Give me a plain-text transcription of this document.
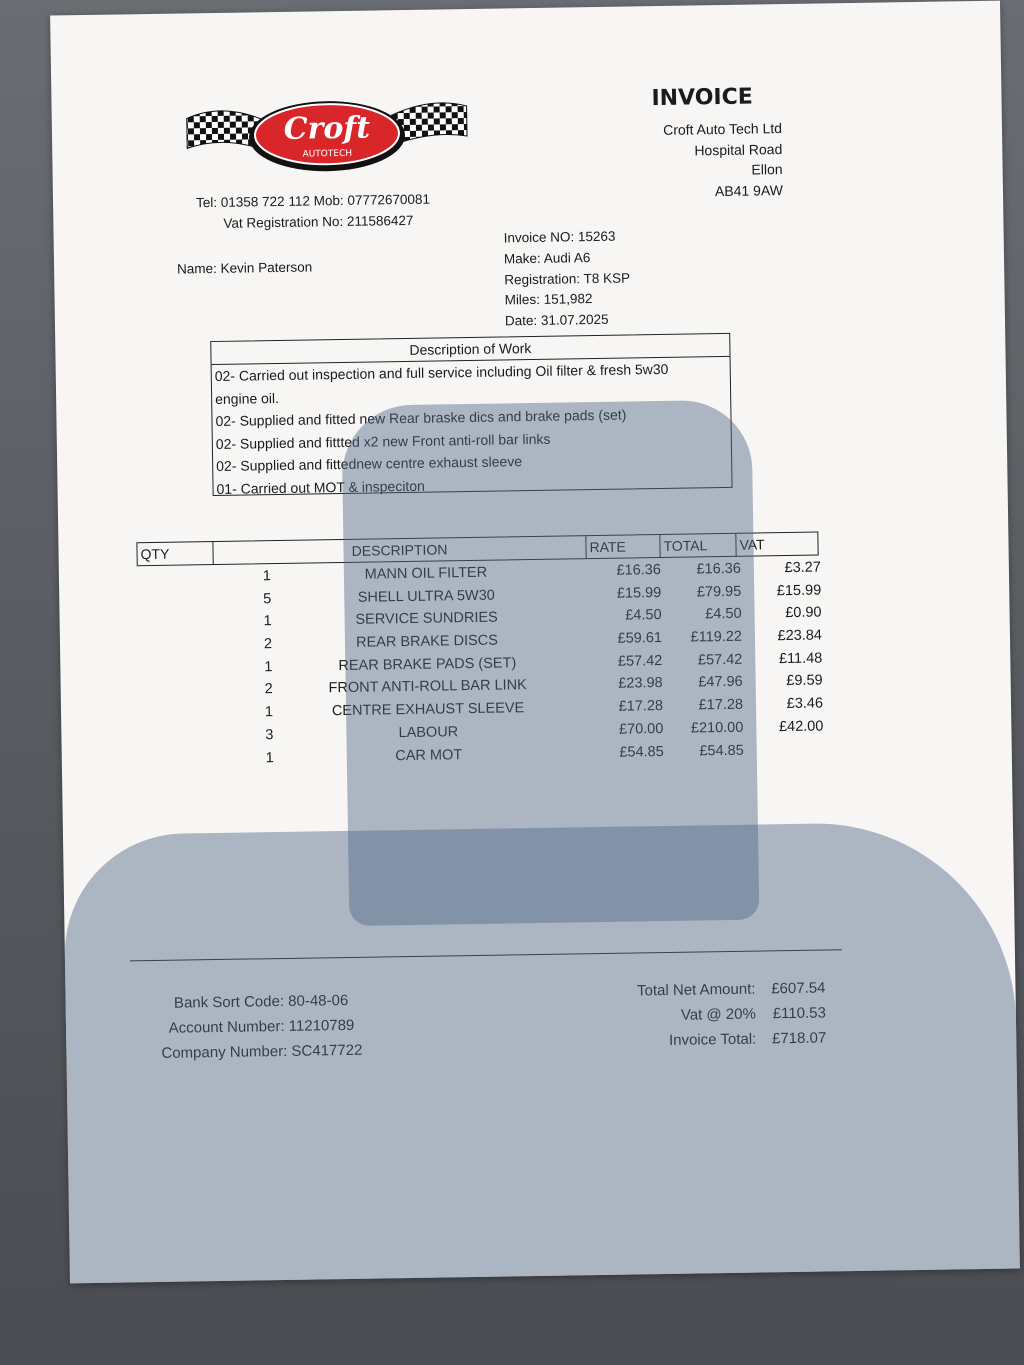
Croft
AUTOTECH
Tel: 01358 722 112 Mob: 07772670081
Vat Registration No: 211586427
INVOICE
Croft Auto Tech Ltd
Hospital Road
Ellon
AB41 9AW
Name: Kevin Paterson
Invoice NO: 15263
Make: Audi A6
Registration: T8 KSP
Miles: 151,982
Date: 31.07.2025
Description of Work
02- Carried out inspection and full service including Oil filter & fresh 5w30
engine oil.
02- Supplied and fitted new Rear braske dics and brake pads (set)
02- Supplied and fittted x2 new Front anti-roll bar links
02- Supplied and fittednew centre exhaust sleeve
01- Carried out MOT & inspeciton
QTY	DESCRIPTION	RATE	TOTAL	VAT
1	MANN OIL FILTER	£16.36	£16.36	£3.27
5	SHELL ULTRA 5W30	£15.99	£79.95	£15.99
1	SERVICE SUNDRIES	£4.50	£4.50	£0.90
2	REAR BRAKE DISCS	£59.61	£119.22	£23.84
1	REAR BRAKE PADS (SET)	£57.42	£57.42	£11.48
2	FRONT ANTI-ROLL BAR LINK	£23.98	£47.96	£9.59
1	CENTRE EXHAUST SLEEVE	£17.28	£17.28	£3.46
3	LABOUR	£70.00	£210.00	£42.00
1	CAR MOT	£54.85	£54.85
Bank Sort Code: 80-48-06
Account Number: 11210789
Company Number: SC417722
Total Net Amount:	£607.54
Vat @ 20%	£110.53
Invoice Total:	£718.07
